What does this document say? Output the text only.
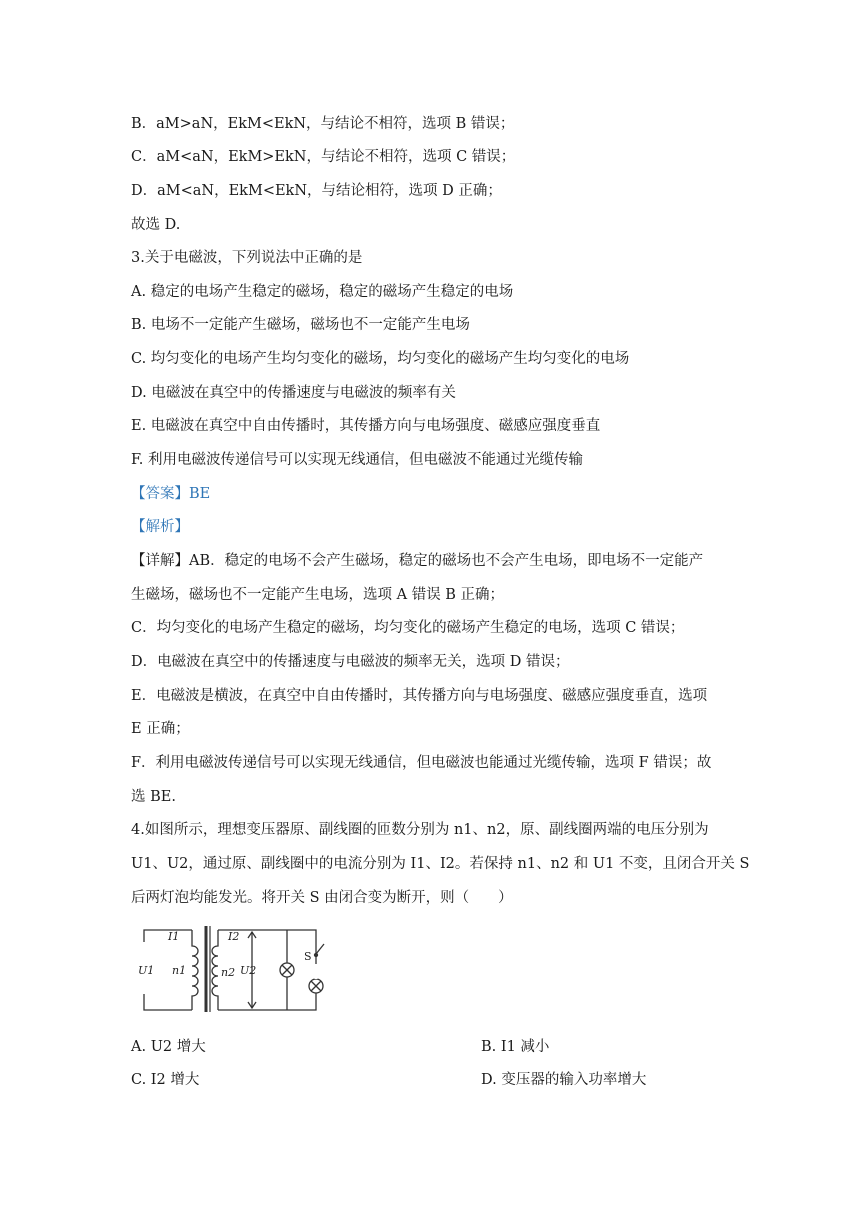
B．aM>aN，EkM<EkN，与结论不相符，选项 B 错误；
C．aM<aN，EkM>EkN，与结论不相符，选项 C 错误；
D．aM<aN，EkM<EkN，与结论相符，选项 D 正确；
故选 D.
3.关于电磁波，下列说法中正确的是
A. 稳定的电场产生稳定的磁场，稳定的磁场产生稳定的电场
B. 电场不一定能产生磁场，磁场也不一定能产生电场
C. 均匀变化的电场产生均匀变化的磁场，均匀变化的磁场产生均匀变化的电场
D. 电磁波在真空中的传播速度与电磁波的频率有关
E. 电磁波在真空中自由传播时，其传播方向与电场强度、磁感应强度垂直
F. 利用电磁波传递信号可以实现无线通信，但电磁波不能通过光缆传输
【答案】BE
【解析】
【详解】AB．稳定的电场不会产生磁场，稳定的磁场也不会产生电场，即电场不一定能产
生磁场，磁场也不一定能产生电场，选项 A 错误 B 正确；
C．均匀变化的电场产生稳定的磁场，均匀变化的磁场产生稳定的电场，选项 C 错误；
D．电磁波在真空中的传播速度与电磁波的频率无关，选项 D 错误；
E．电磁波是横波，在真空中自由传播时，其传播方向与电场强度、磁感应强度垂直，选项
E 正确；
F．利用电磁波传递信号可以实现无线通信，但电磁波也能通过光缆传输，选项 F 错误；故
选 BE.
4.如图所示，理想变压器原、副线圈的匝数分别为 n1、n2，原、副线圈两端的电压分别为
U1、U2，通过原、副线圈中的电流分别为 I1、I2。若保持 n1、n2 和 U1 不变，且闭合开关 S
后两灯泡均能发光。将开关 S 由闭合变为断开，则（　　）
I1	I2
U1 n1	n2 U2
S
A. U2 增大	B. I1 减小
C. I2 增大	D. 变压器的输入功率增大
